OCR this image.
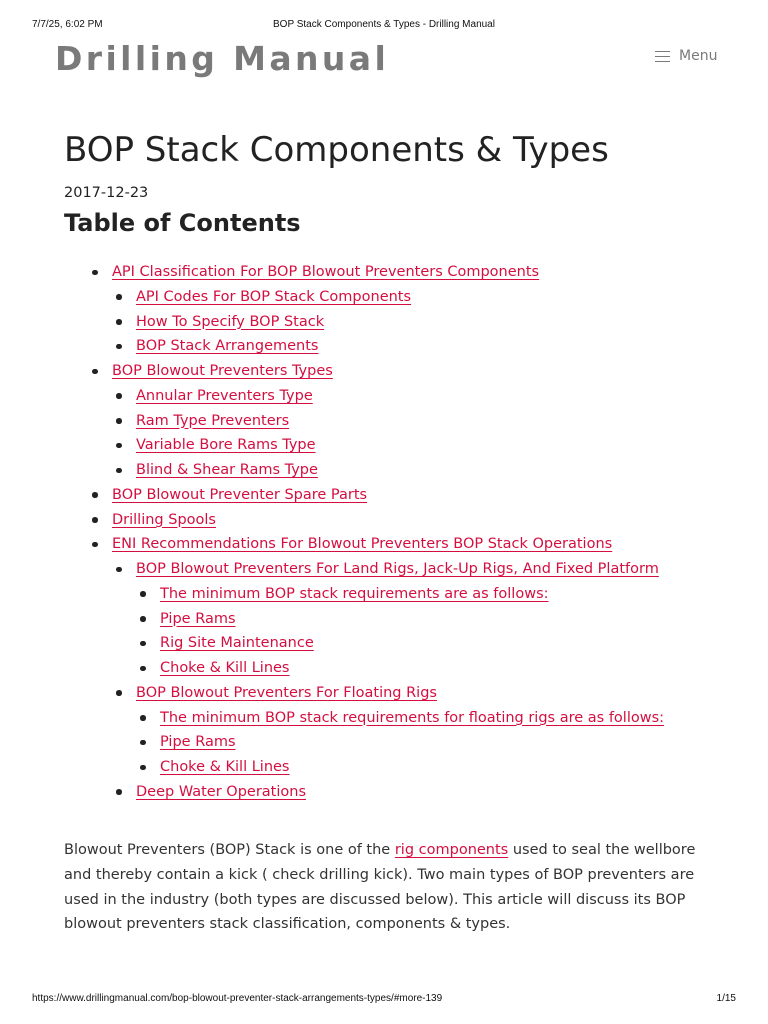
7/7/25, 6:02 PM	BOP Stack Components & Types - Drilling Manual
Drilling Manual	Menu
BOP Stack Components & Types
2017-12-23
Table of Contents
API Classification For BOP Blowout Preventers Components
API Codes For BOP Stack Components
How To Specify BOP Stack
BOP Stack Arrangements
BOP Blowout Preventers Types
Annular Preventers Type
Ram Type Preventers
Variable Bore Rams Type
Blind & Shear Rams Type
BOP Blowout Preventer Spare Parts
Drilling Spools
ENI Recommendations For Blowout Preventers BOP Stack Operations
BOP Blowout Preventers For Land Rigs, Jack-Up Rigs, And Fixed Platform
The minimum BOP stack requirements are as follows:
Pipe Rams
Rig Site Maintenance
Choke & Kill Lines
BOP Blowout Preventers For Floating Rigs
The minimum BOP stack requirements for floating rigs are as follows:
Pipe Rams
Choke & Kill Lines
Deep Water Operations

Blowout Preventers (BOP) Stack is one of the rig components used to seal the wellbore
and thereby contain a kick ( check drilling kick). Two main types of BOP preventers are
used in the industry (both types are discussed below). This article will discuss its BOP
blowout preventers stack classification, components & types.

https://www.drillingmanual.com/bop-blowout-preventer-stack-arrangements-types/#more-139	1/15
